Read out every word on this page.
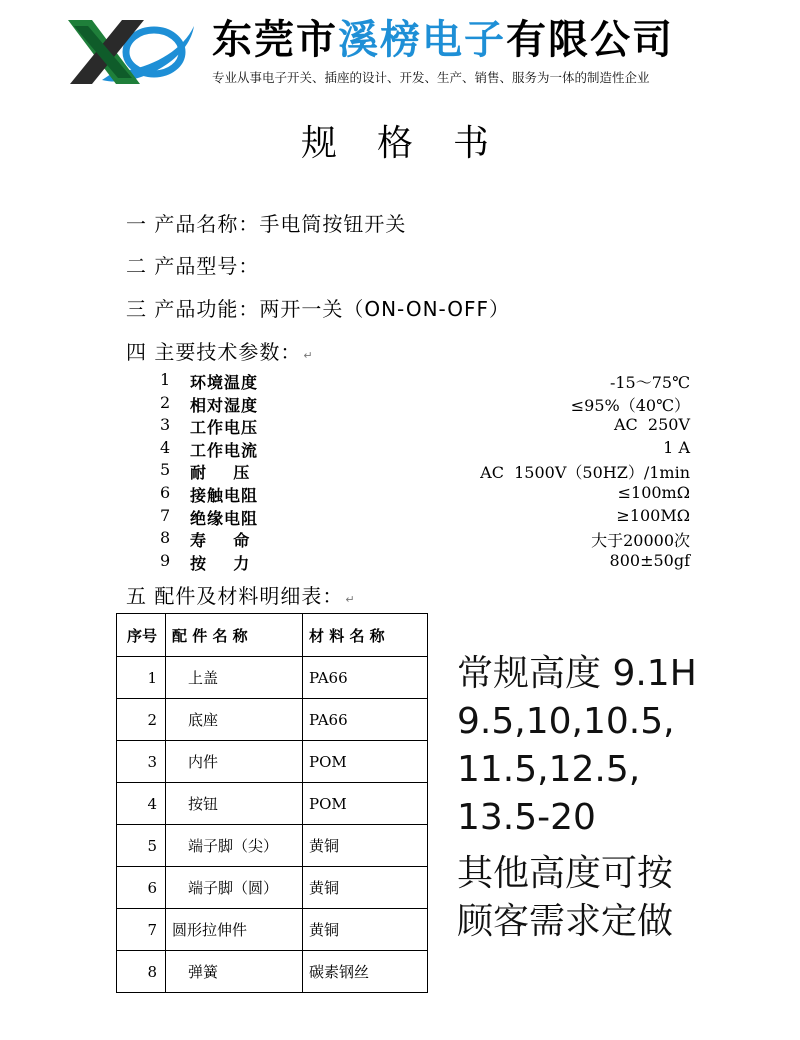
东莞市溪榜电子有限公司
专业从事电子开关、插座的设计、开发、生产、销售、服务为一体的制造性企业
规格书
一 产品名称：手电筒按钮开关
二 产品型号：
三 产品功能：两开一关（ON-ON-OFF）
四 主要技术参数： ↵
1	环境温度	-15～75℃
2	相对湿度	≤95%（40℃）
3	工作电压	AC  250V
4	工作电流	1 A
5	耐    压	AC  1500V（50HZ）/1min
6	接触电阻	≤100mΩ
7	绝缘电阻	≥100MΩ
8	寿    命	大于20000次
9	按    力	800±50gf
五 配件及材料明细表： ↵
序号	配 件 名 称	材 料 名 称
1	上盖	PA66
2	底座	PA66
3	内件	POM
4	按钮	POM
5	端子脚（尖）	黄铜
6	端子脚（圆）	黄铜
7	圆形拉伸件	黄铜
8	弹簧	碳素钢丝
常规高度 9.1H
9.5,10,10.5,
11.5,12.5,
13.5-20
其他高度可按
顾客需求定做
